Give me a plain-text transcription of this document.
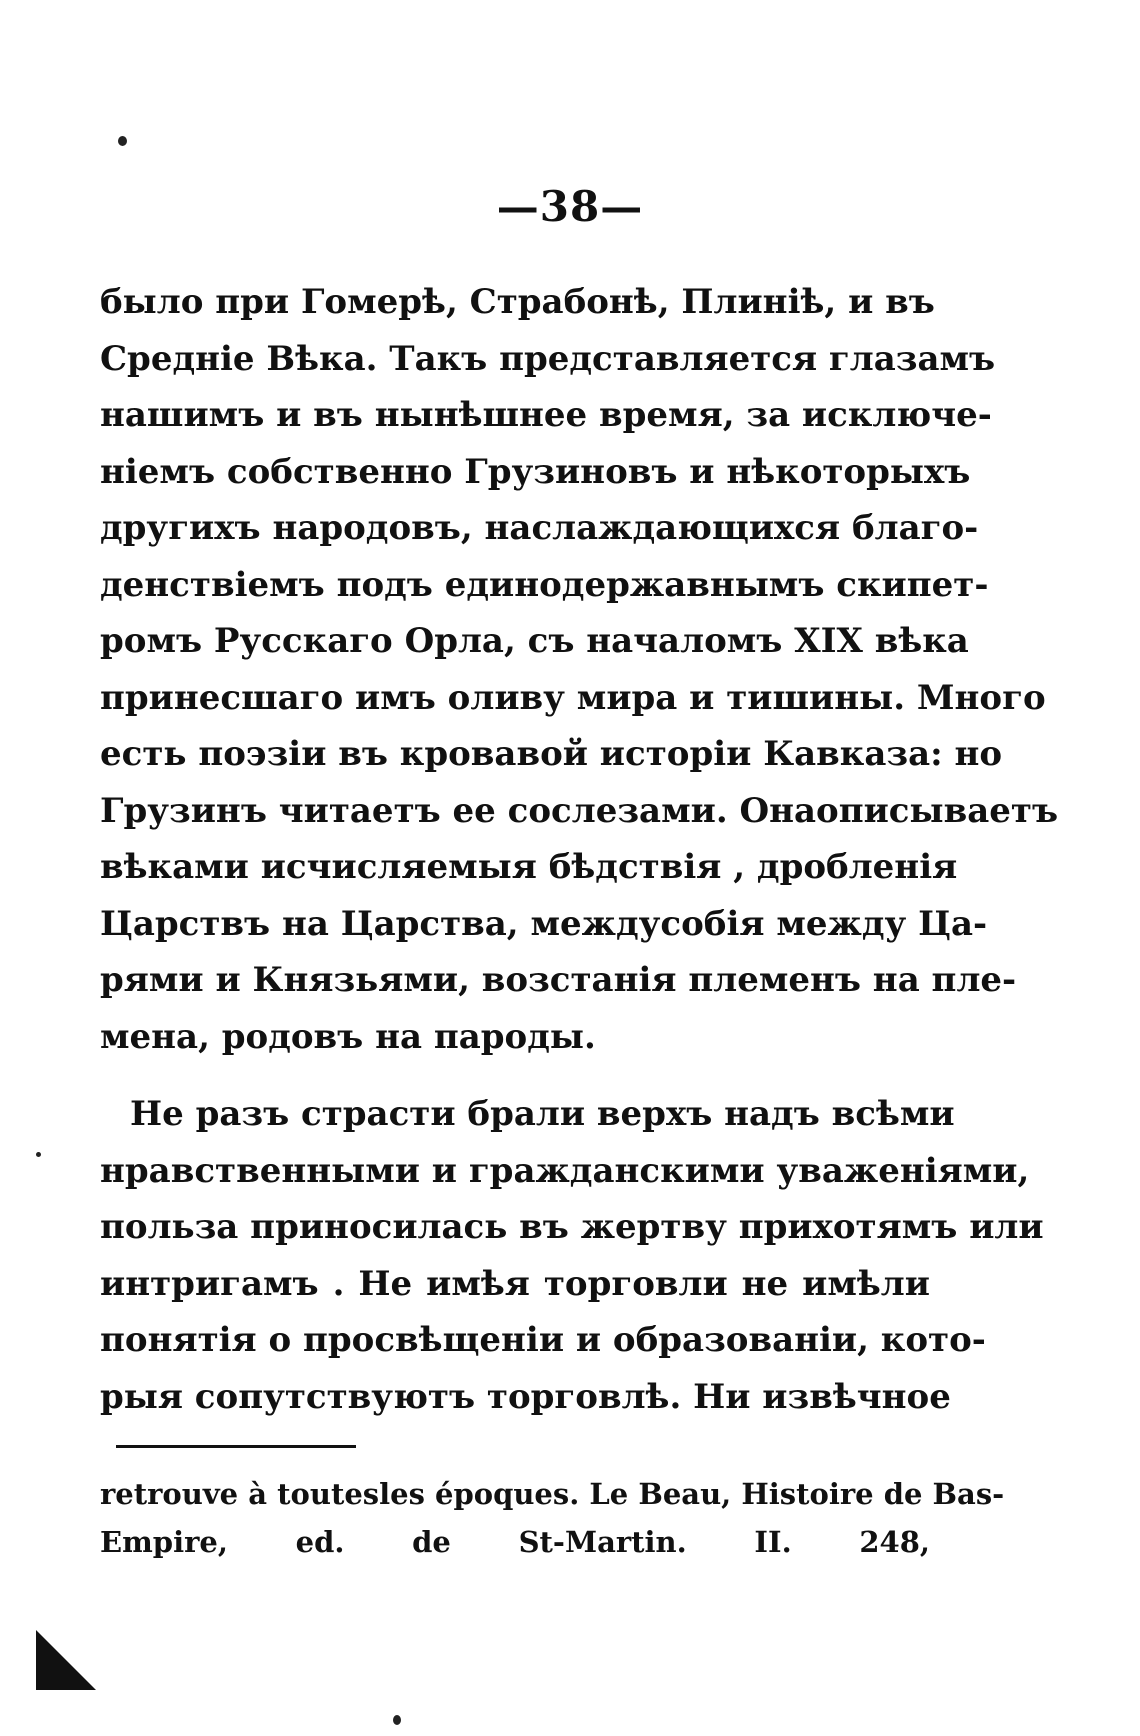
—38—
было при Гомерѣ, Страбонѣ, Плиніѣ, и въ
Средніе Вѣка. Такъ представляется глазамъ
нашимъ и въ нынѣшнее время, за исключе-
ніемъ собственно Грузиновъ и нѣкоторыхъ
другихъ народовъ, наслаждающихся благо-
денствіемъ подъ единодержавнымъ скипет-
ромъ Русскаго Орла, съ началомъ XIX вѣка
принесшаго имъ оливу мира и тишины. Много
есть поэзіи въ кровавой исторіи Кавказа: но
Грузинъ читаетъ ее сослезами. Онаописываетъ
вѣками исчисляемыя бѣдствія , дробленія
Царствъ на Царства, междусобія между Ца-
рями и Князьями, возстанія племенъ на пле-
мена, родовъ на пароды.
Не разъ страсти брали верхъ надъ всѣми
нравственными и гражданскими уваженіями,
польза приносилась въ жертву прихотямъ или
интригамъ . Не имѣя торговли не имѣли
понятія о просвѣщеніи и образованіи, кото-
рыя сопутствуютъ торговлѣ. Ни извѣчное
retrouve à toutesles époques. Le Beau, Histoire de Bas-
Empire, ed. de St-Martin. II. 248,
